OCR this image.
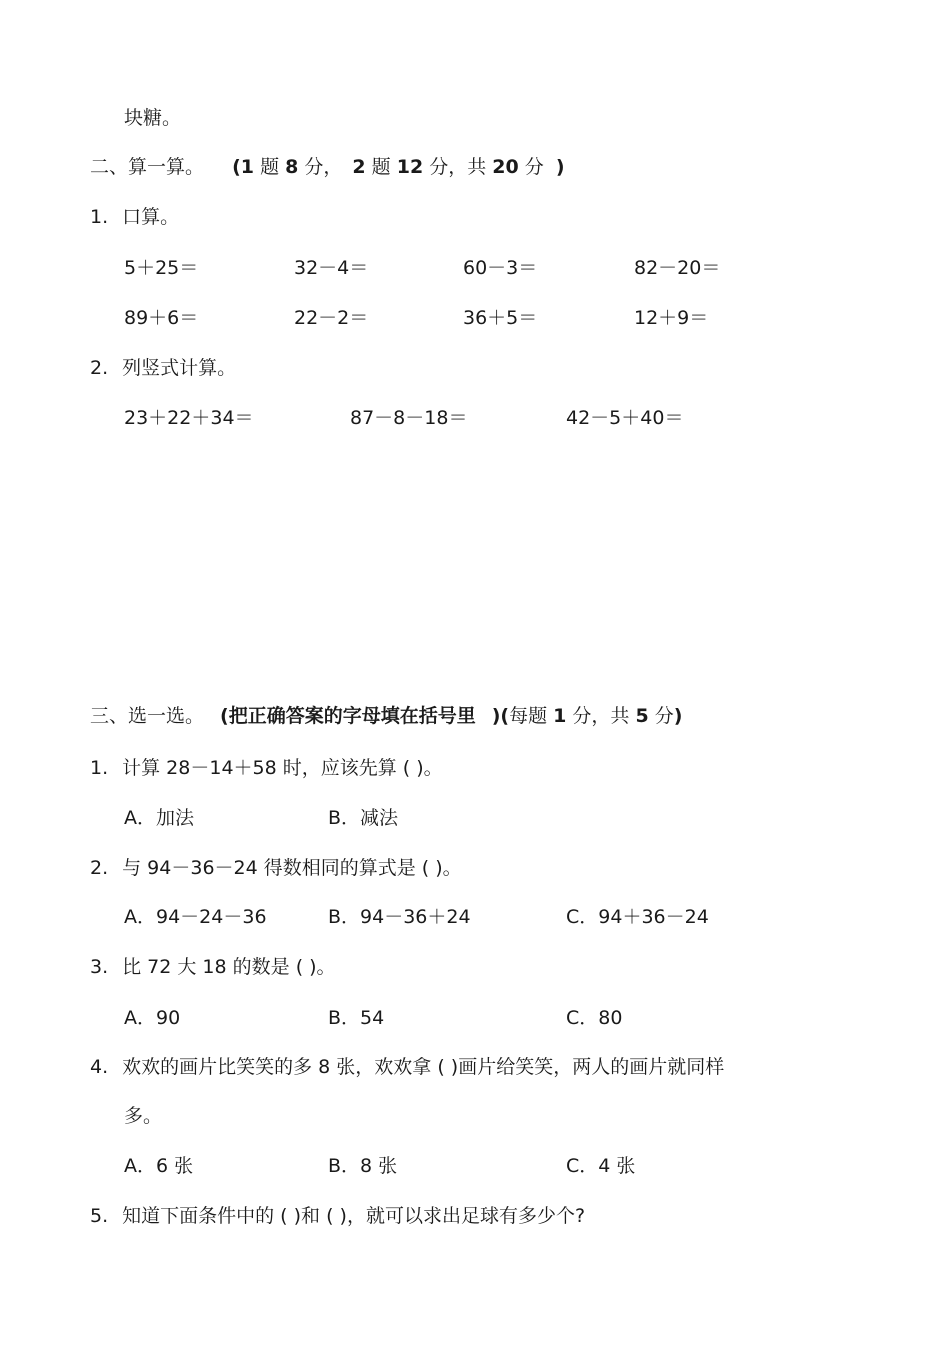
块糖。
二、算一算。 (1 题 8 分， 2 题 12 分，共 20 分 )
1. 口算。
5＋25＝	32－4＝	60－3＝	82－20＝
89＋6＝	22－2＝	36＋5＝	12＋9＝
2. 列竖式计算。
23＋22＋34＝	87－8－18＝	42－5＋40＝
三、选一选。 (把正确答案的字母填在括号里 )(每题 1 分，共 5 分)
1. 计算 28－14＋58 时，应该先算 ( )。
A．加法	B．减法
2. 与 94－36－24 得数相同的算式是 ( )。
A．94－24－36	B．94－36＋24	C．94＋36－24
3. 比 72 大 18 的数是 ( )。
A．90	B．54	C．80
4. 欢欢的画片比笑笑的多 8 张，欢欢拿 ( )画片给笑笑，两人的画片就同样
多。
A．6 张	B．8 张	C．4 张
5. 知道下面条件中的 ( )和 ( )，就可以求出足球有多少个?
